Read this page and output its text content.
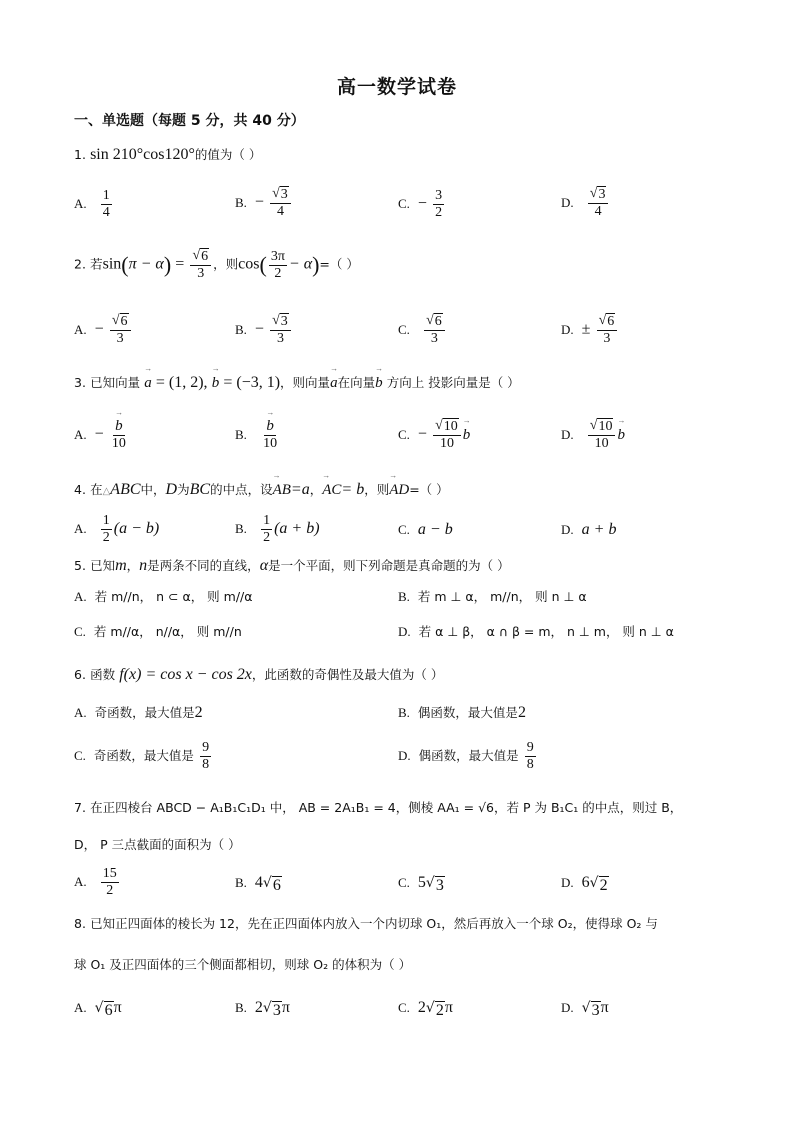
高一数学试卷
一、单选题（每题 5 分，共 40 分）
1. sin 210°cos120°的值为（ ）
A. $\frac{1}{4}$	B. − $\frac{√ 3}{4}$	C. − $\frac{3}{2}$	D. $\frac{√ 3}{4}$
2. 若$\sin(\pi - \alpha) = \frac{√ 6}{3}$ ，则$\cos( \frac{3\pi}{2} - \alpha)=$（ ）
A. − $\frac{√ 6}{3}$	B. − $\frac{√ 3}{3}$	C. $\frac{√ 6}{3}$	D. ± $\frac{√ 6}{3}$
3. 已知向量 → a = (1, 2), → b = (−3, 1)，则向量→ a在向量→ b 方向上 投影向量是（ ）
A. −
→ $\frac{b}{10}$	B.
→ $\frac{b}{10}$	C. − $\frac{√ 10}{10}$
→ b	D. $\frac{√ 10}{10}$
→ b
4. 在△ABC中，D为BC的中点，设→ AB=a，→ AC= b，则→ AD=（ ）
A. $\frac{1}{2} (a - b)$	B. $\frac{1}{2} (a + b)$	C. a − b	D. a + b
5. 已知m，n是两条不同的直线，α是一个平面，则下列命题是真命题的为（ ）
A. 若 m//n， n ⊂ α， 则 m//α	B. 若 m ⊥ α， m//n， 则 n ⊥ α
C. 若 m//α， n//α， 则 m//n	D. 若 α ⊥ β， α ∩ β = m， n ⊥ m， 则 n ⊥ α
6. 函数 f(x) = cos x − cos 2x，此函数的奇偶性及最大值为（ ）
A. 奇函数，最大值是2	B. 偶函数，最大值是2
C. 奇函数，最大值是 $\frac{9}{8}$	D. 偶函数，最大值是 $\frac{9}{8}$
7. 在正四棱台 ABCD − A₁B₁C₁D₁ 中， AB = 2A₁B₁ = 4，侧棱 AA₁ = √6，若 P 为 B₁C₁ 的中点，则过 B，
D， P 三点截面的面积为（ ）
A. $\frac{15}{2}$	B. 4 √ 6	C. 5 √ 3	D. 6 √ 2
8. 已知正四面体的棱长为 12，先在正四面体内放入一个内切球 O₁，然后再放入一个球 O₂，使得球 O₂ 与
球 O₁ 及正四面体的三个侧面都相切，则球 O₂ 的体积为（ ）
A. √ 6 π	B. 2 √ 3 π	C. 2 √ 2 π	D. √ 3 π
